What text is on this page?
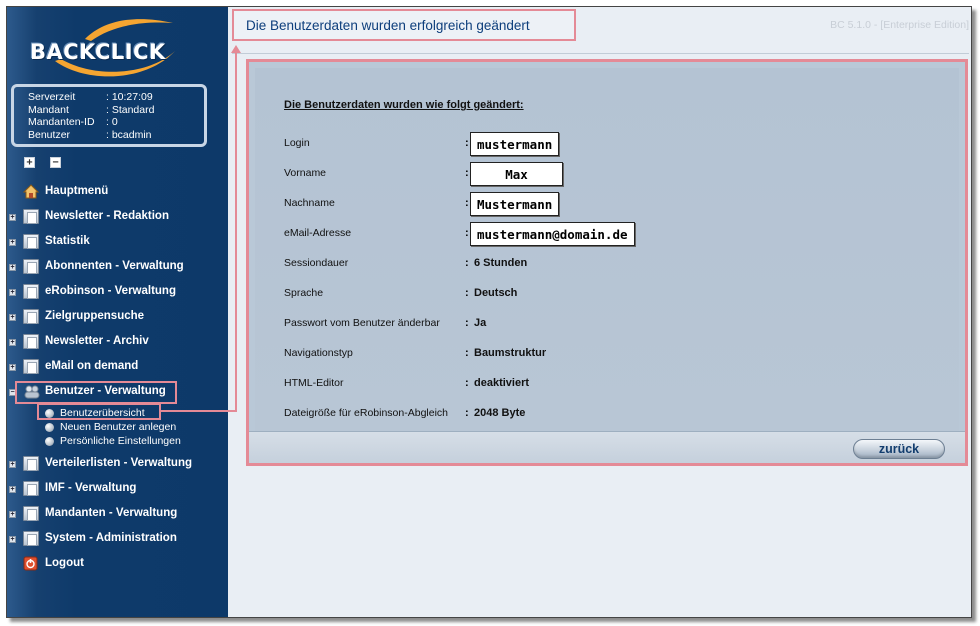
BACKCLICK
Serverzeit	: 10:27:09
Mandant	: Standard
Mandanten-ID	: 0
Benutzer	: bcadmin
+ −
Hauptmenü
+	Newsletter - Redaktion
+	Statistik
+	Abonnenten - Verwaltung
+	eRobinson - Verwaltung
+	Zielgruppensuche
+	Newsletter - Archiv
+	eMail on demand
−	Benutzer - Verwaltung
Benutzerübersicht
Neuen Benutzer anlegen
Persönliche Einstellungen
+	Verteilerlisten - Verwaltung
+	IMF - Verwaltung
+	Mandanten - Verwaltung
+	System - Administration
Logout
Die Benutzerdaten wurden erfolgreich geändert	BC 5.1.0 - [Enterprise Edition]
Die Benutzerdaten wurden wie folgt geändert:
Login	: mustermann
Vorname	:	Max
Nachname	: Mustermann
eMail-Adresse	: mustermann@domain.de
Sessiondauer	: 6 Stunden
Sprache	: Deutsch
Passwort vom Benutzer änderbar : Ja
Navigationstyp	: Baumstruktur
HTML-Editor	: deaktiviert
Dateigröße für eRobinson-Abgleich : 2048 Byte
zurück
